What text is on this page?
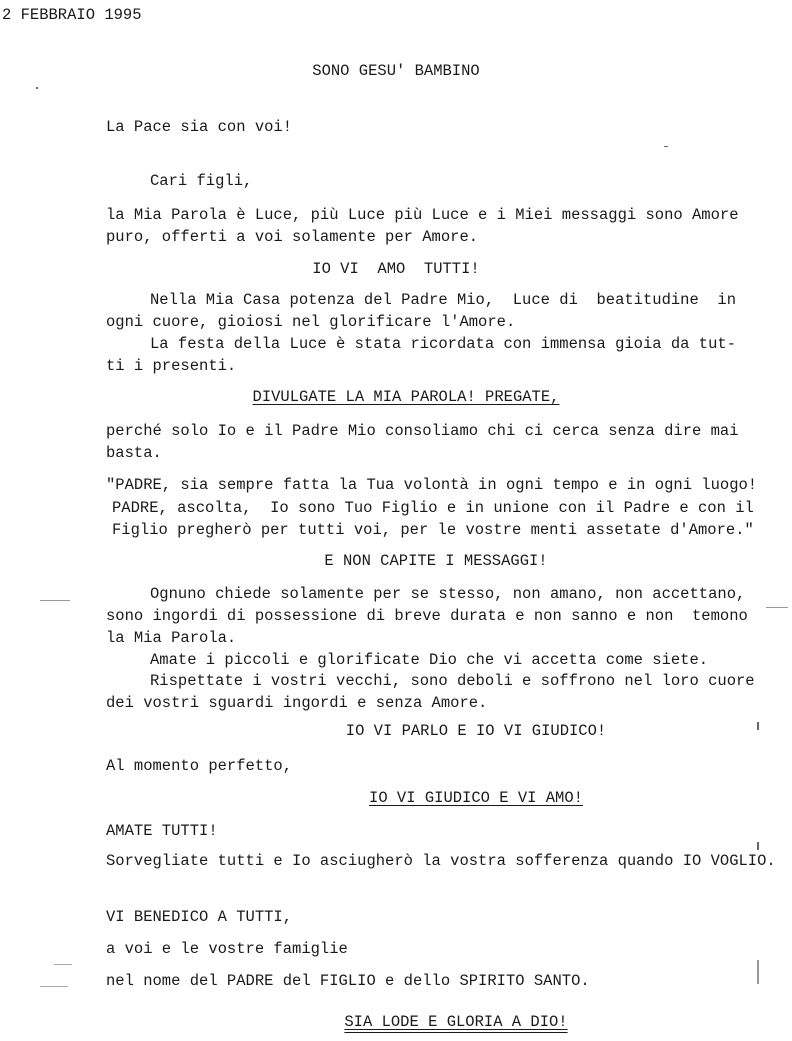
2 FEBBRAIO 1995
SONO GESU' BAMBINO
La Pace sia con voi!
Cari figli,
la Mia Parola è Luce, più Luce più Luce e i Miei messaggi sono Amore
puro, offerti a voi solamente per Amore.
IO VI  AMO  TUTTI!
Nella Mia Casa potenza del Padre Mio,  Luce di  beatitudine  in
ogni cuore, gioiosi nel glorificare l'Amore.
La festa della Luce è stata ricordata con immensa gioia da tut-
ti i presenti.
DIVULGATE LA MIA PAROLA! PREGATE,
perché solo Io e il Padre Mio consoliamo chi ci cerca senza dire mai
basta.
"PADRE, sia sempre fatta la Tua volontà in ogni tempo e in ogni luogo!
PADRE, ascolta,  Io sono Tuo Figlio e in unione con il Padre e con il
Figlio pregherò per tutti voi, per le vostre menti assetate d'Amore."
E NON CAPITE I MESSAGGI!
Ognuno chiede solamente per se stesso, non amano, non accettano,
sono ingordi di possessione di breve durata e non sanno e non  temono
la Mia Parola.
Amate i piccoli e glorificate Dio che vi accetta come siete.
Rispettate i vostri vecchi, sono deboli e soffrono nel loro cuore
dei vostri sguardi ingordi e senza Amore.
IO VI PARLO E IO VI GIUDICO!
Al momento perfetto,
IO VI GIUDICO E VI AMO!
AMATE TUTTI!
Sorvegliate tutti e Io asciugherò la vostra sofferenza quando IO VOGLIO.
VI BENEDICO A TUTTI,
a voi e le vostre famiglie
nel nome del PADRE del FIGLIO e dello SPIRITO SANTO.
SIA LODE E GLORIA A DIO!
